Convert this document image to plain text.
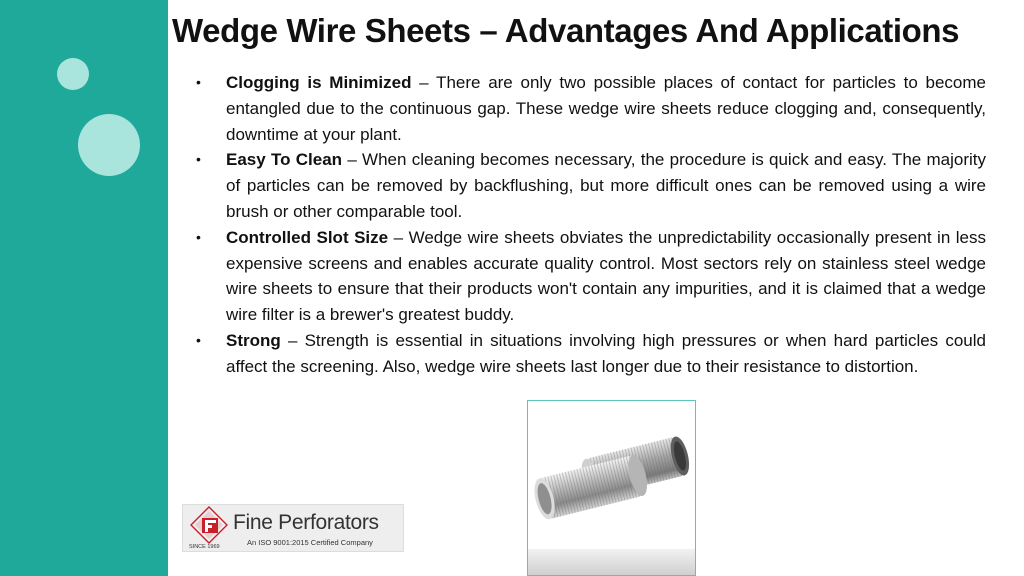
Wedge Wire Sheets – Advantages And Applications
• Clogging is Minimized – There are only two possible places of contact for particles to become entangled due to the continuous gap. These wedge wire sheets reduce clogging and, consequently, downtime at your plant.
• Easy To Clean – When cleaning becomes necessary, the procedure is quick and easy. The majority of particles can be removed by backflushing, but more difficult ones can be removed using a wire brush or other comparable tool.
• Controlled Slot Size – Wedge wire sheets obviates the unpredictability occasionally present in less expensive screens and enables accurate quality control. Most sectors rely on stainless steel wedge wire sheets to ensure that their products won't contain any impurities, and it is claimed that a wedge wire filter is a brewer's greatest buddy.
• Strong – Strength is essential in situations involving high pressures or when hard particles could affect the screening. Also, wedge wire sheets last longer due to their resistance to distortion.
SINCE 1969
Fine Perforators
An ISO 9001:2015 Certified Company
